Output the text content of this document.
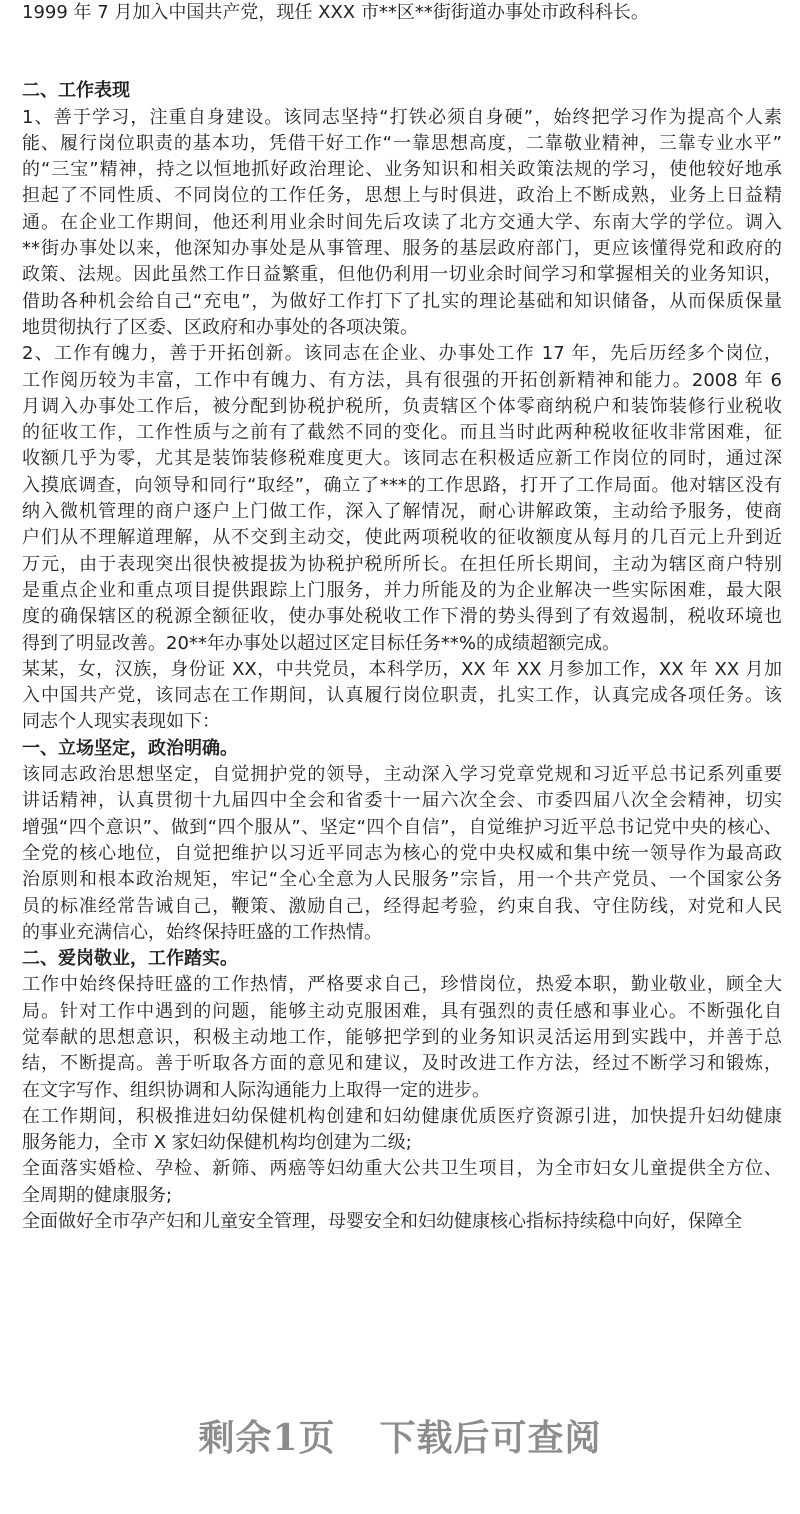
1999 年 7 月加入中国共产党，现任 XXX 市**区**街街道办事处市政科科长。
二、工作表现
1、善于学习，注重自身建设。该同志坚持“打铁必须自身硬”，始终把学习作为提高个人素
能、履行岗位职责的基本功，凭借干好工作“一靠思想高度，二靠敬业精神，三靠专业水平”
的“三宝”精神，持之以恒地抓好政治理论、业务知识和相关政策法规的学习，使他较好地承
担起了不同性质、不同岗位的工作任务，思想上与时俱进，政治上不断成熟，业务上日益精
通。在企业工作期间，他还利用业余时间先后攻读了北方交通大学、东南大学的学位。调入
**街办事处以来，他深知办事处是从事管理、服务的基层政府部门，更应该懂得党和政府的
政策、法规。因此虽然工作日益繁重，但他仍利用一切业余时间学习和掌握相关的业务知识，
借助各种机会给自己“充电”，为做好工作打下了扎实的理论基础和知识储备，从而保质保量
地贯彻执行了区委、区政府和办事处的各项决策。
2、工作有魄力，善于开拓创新。该同志在企业、办事处工作 17 年，先后历经多个岗位，
工作阅历较为丰富，工作中有魄力、有方法，具有很强的开拓创新精神和能力。2008 年 6
月调入办事处工作后，被分配到协税护税所，负责辖区个体零商纳税户和装饰装修行业税收
的征收工作，工作性质与之前有了截然不同的变化。而且当时此两种税收征收非常困难，征
收额几乎为零，尤其是装饰装修税难度更大。该同志在积极适应新工作岗位的同时，通过深
入摸底调查，向领导和同行“取经”，确立了***的工作思路，打开了工作局面。他对辖区没有
纳入微机管理的商户逐户上门做工作，深入了解情况，耐心讲解政策，主动给予服务，使商
户们从不理解道理解，从不交到主动交，使此两项税收的征收额度从每月的几百元上升到近
万元，由于表现突出很快被提拔为协税护税所所长。在担任所长期间，主动为辖区商户特别
是重点企业和重点项目提供跟踪上门服务，并力所能及的为企业解决一些实际困难，最大限
度的确保辖区的税源全额征收，使办事处税收工作下滑的势头得到了有效遏制，税收环境也
得到了明显改善。20**年办事处以超过区定目标任务**%的成绩超额完成。
某某，女，汉族，身份证 XX，中共党员，本科学历，XX 年 XX 月参加工作，XX 年 XX 月加
入中国共产党，该同志在工作期间，认真履行岗位职责，扎实工作，认真完成各项任务。该
同志个人现实表现如下：
一、立场坚定，政治明确。
该同志政治思想坚定，自觉拥护党的领导，主动深入学习党章党规和习近平总书记系列重要
讲话精神，认真贯彻十九届四中全会和省委十一届六次全会、市委四届八次全会精神，切实
增强“四个意识”、做到“四个服从”、坚定“四个自信”，自觉维护习近平总书记党中央的核心、
全党的核心地位，自觉把维护以习近平同志为核心的党中央权威和集中统一领导作为最高政
治原则和根本政治规矩，牢记“全心全意为人民服务”宗旨，用一个共产党员、一个国家公务
员的标准经常告诫自己，鞭策、激励自己，经得起考验，约束自我、守住防线，对党和人民
的事业充满信心，始终保持旺盛的工作热情。
二、爱岗敬业，工作踏实。
工作中始终保持旺盛的工作热情，严格要求自己，珍惜岗位，热爱本职，勤业敬业，顾全大
局。针对工作中遇到的问题，能够主动克服困难，具有强烈的责任感和事业心。不断强化自
觉奉献的思想意识，积极主动地工作，能够把学到的业务知识灵活运用到实践中，并善于总
结，不断提高。善于听取各方面的意见和建议，及时改进工作方法，经过不断学习和锻炼，
在文字写作、组织协调和人际沟通能力上取得一定的进步。
在工作期间，积极推进妇幼保健机构创建和妇幼健康优质医疗资源引进，加快提升妇幼健康
服务能力，全市 X 家妇幼保健机构均创建为二级;
全面落实婚检、孕检、新筛、两癌等妇幼重大公共卫生项目，为全市妇女儿童提供全方位、
全周期的健康服务;
全面做好全市孕产妇和儿童安全管理，母婴安全和妇幼健康核心指标持续稳中向好，保障全
剩余1页 下载后可查阅
